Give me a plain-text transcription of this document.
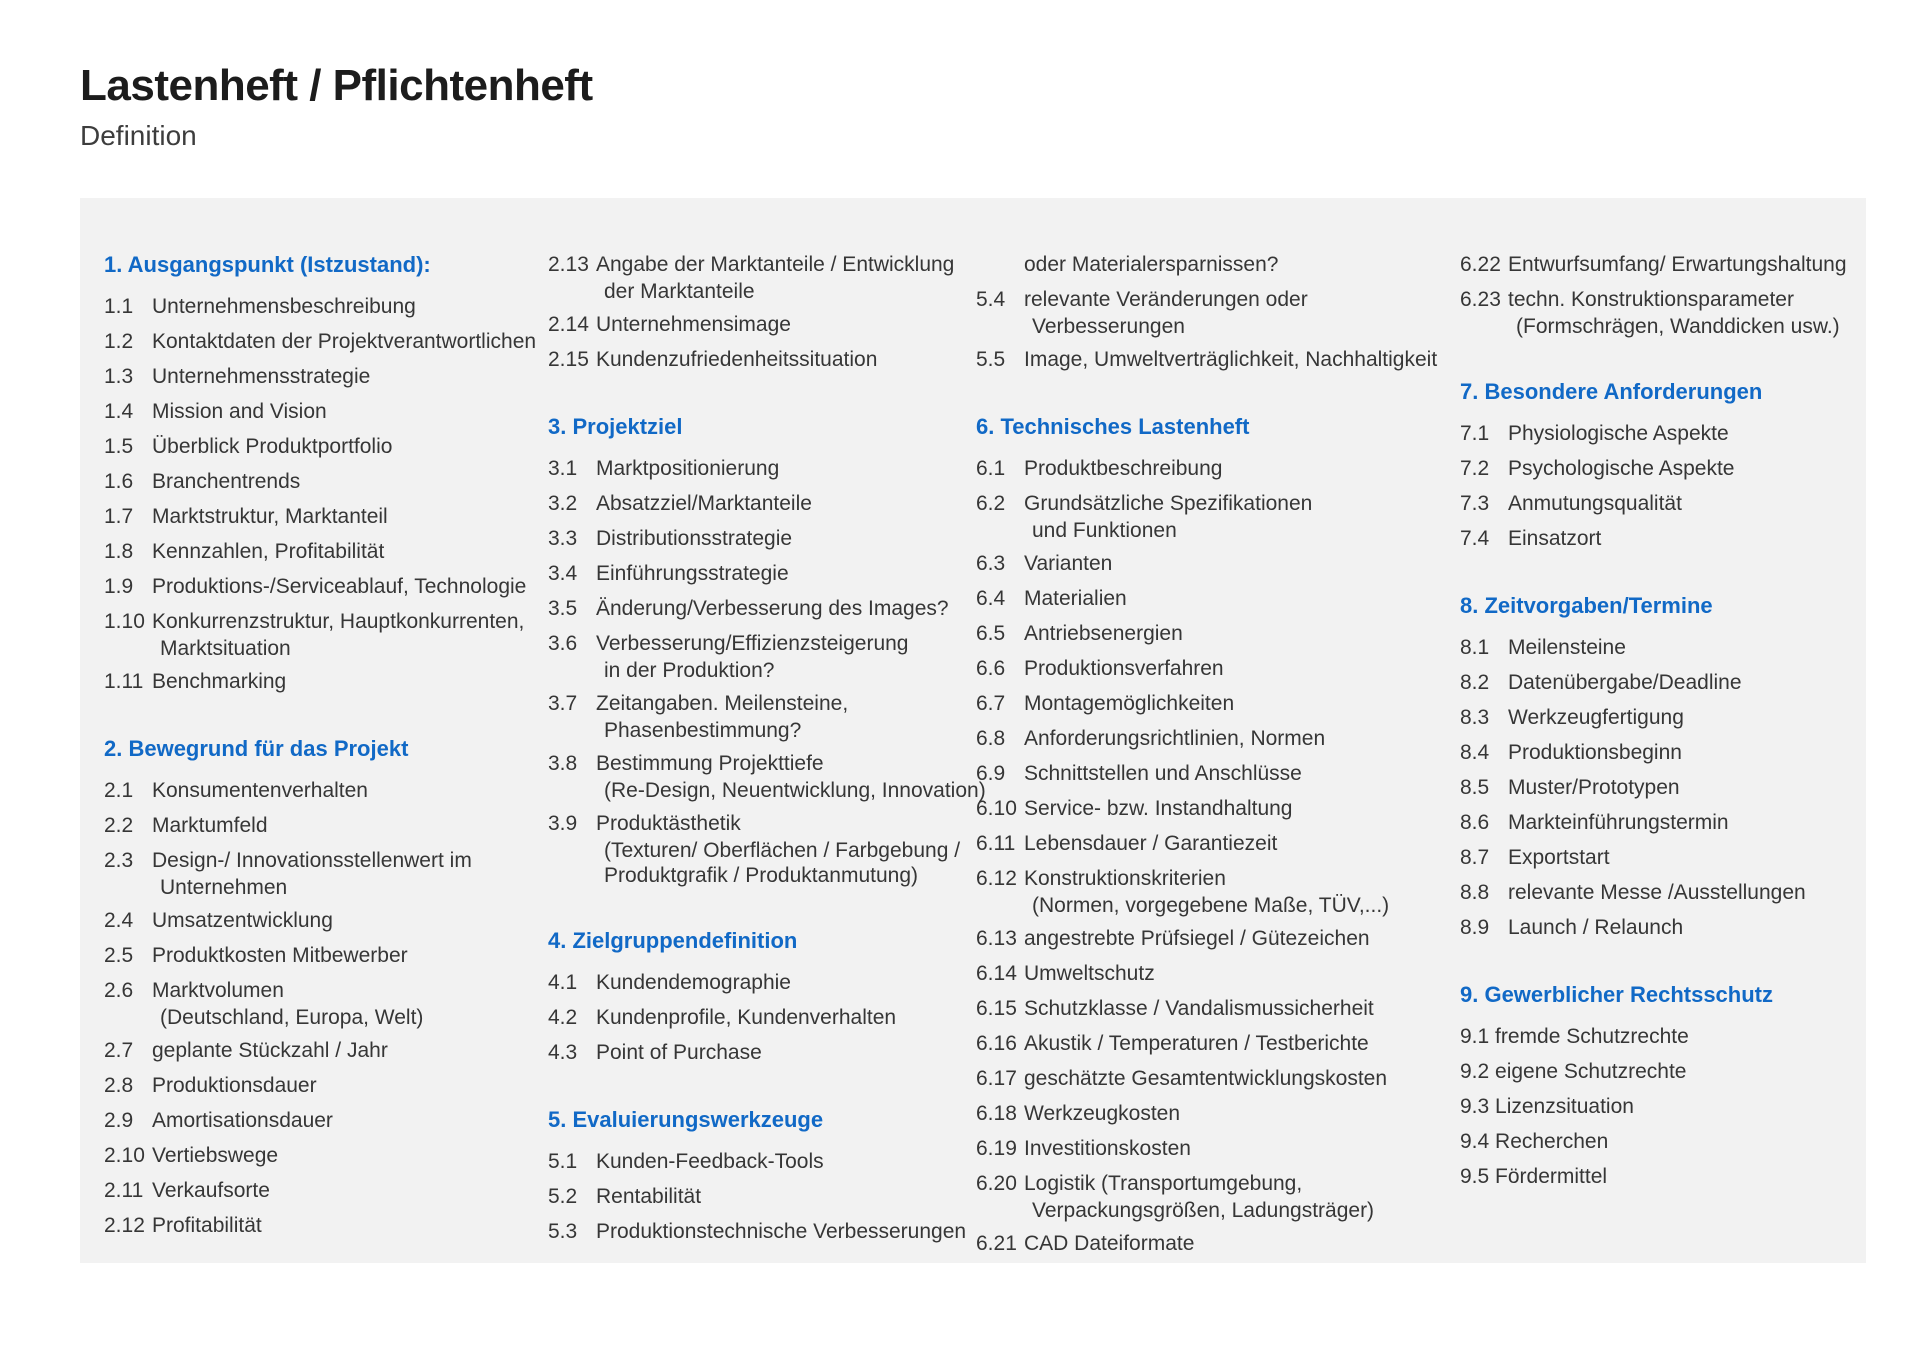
Lastenheft / Pflichtenheft
Definition
1. Ausgangspunkt (Istzustand):
1.1 Unternehmensbeschreibung
1.2 Kontaktdaten der Projektverantwortlichen
1.3 Unternehmensstrategie
1.4 Mission and Vision
1.5 Überblick Produktportfolio
1.6 Branchentrends
1.7 Marktstruktur, Marktanteil
1.8 Kennzahlen, Profitabilität
1.9 Produktions-/Serviceablauf, Technologie
1.10 Konkurrenzstruktur, Hauptkonkurrenten,
Marktsituation
1.11 Benchmarking
2. Bewegrund für das Projekt
2.1 Konsumentenverhalten
2.2 Marktumfeld
2.3 Design-/ Innovationsstellenwert im
Unternehmen
2.4 Umsatzentwicklung
2.5 Produktkosten Mitbewerber
2.6 Marktvolumen
(Deutschland, Europa, Welt)
2.7 geplante Stückzahl / Jahr
2.8 Produktionsdauer
2.9 Amortisationsdauer
2.10 Vertiebswege
2.11 Verkaufsorte
2.12 Profitabilität
2.13 Angabe der Marktanteile / Entwicklung
der Marktanteile
2.14 Unternehmensimage
2.15 Kundenzufriedenheitssituation
3. Projektziel
3.1 Marktpositionierung
3.2 Absatzziel/Marktanteile
3.3 Distributionsstrategie
3.4 Einführungsstrategie
3.5 Änderung/Verbesserung des Images?
3.6 Verbesserung/Effizienzsteigerung
in der Produktion?
3.7 Zeitangaben. Meilensteine,
Phasenbestimmung?
3.8 Bestimmung Projekttiefe
(Re-Design, Neuentwicklung, Innovation)
3.9 Produktästhetik
(Texturen/ Oberflächen / Farbgebung /
Produktgrafik / Produktanmutung)
4. Zielgruppendefinition
4.1 Kundendemographie
4.2 Kundenprofile, Kundenverhalten
4.3 Point of Purchase
5. Evaluierungswerkzeuge
5.1 Kunden-Feedback-Tools
5.2 Rentabilität
5.3 Produktionstechnische Verbesserungen
oder Materialersparnissen?
5.4 relevante Veränderungen oder
Verbesserungen
5.5 Image, Umweltverträglichkeit, Nachhaltigkeit
6. Technisches Lastenheft
6.1 Produktbeschreibung
6.2 Grundsätzliche Spezifikationen
und Funktionen
6.3 Varianten
6.4 Materialien
6.5 Antriebsenergien
6.6 Produktionsverfahren
6.7 Montagemöglichkeiten
6.8 Anforderungsrichtlinien, Normen
6.9 Schnittstellen und Anschlüsse
6.10 Service- bzw. Instandhaltung
6.11 Lebensdauer / Garantiezeit
6.12 Konstruktionskriterien
(Normen, vorgegebene Maße, TÜV,...)
6.13 angestrebte Prüfsiegel / Gütezeichen
6.14 Umweltschutz
6.15 Schutzklasse / Vandalismussicherheit
6.16 Akustik / Temperaturen / Testberichte
6.17 geschätzte Gesamtentwicklungskosten
6.18 Werkzeugkosten
6.19 Investitionskosten
6.20 Logistik (Transportumgebung,
Verpackungsgrößen, Ladungsträger)
6.21 CAD Dateiformate
6.22 Entwurfsumfang/ Erwartungshaltung
6.23 techn. Konstruktionsparameter
(Formschrägen, Wanddicken usw.)
7. Besondere Anforderungen
7.1 Physiologische Aspekte
7.2 Psychologische Aspekte
7.3 Anmutungsqualität
7.4 Einsatzort
8. Zeitvorgaben/Termine
8.1 Meilensteine
8.2 Datenübergabe/Deadline
8.3 Werkzeugfertigung
8.4 Produktionsbeginn
8.5 Muster/Prototypen
8.6 Markteinführungstermin
8.7 Exportstart
8.8 relevante Messe /Ausstellungen
8.9 Launch / Relaunch
9. Gewerblicher Rechtsschutz
9.1 fremde Schutzrechte
9.2 eigene Schutzrechte
9.3 Lizenzsituation
9.4 Recherchen
9.5 Fördermittel
